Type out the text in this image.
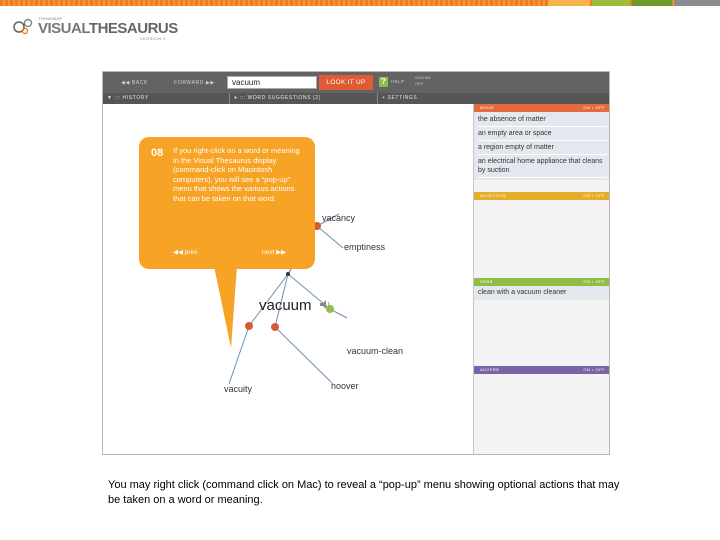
THINKMAP
VISUALTHESAURUS
VERSION 3
◀◀ BACK	FORWARD ▶▶	vacuum	LOOK IT UP	?	HELP
SOUND
OFF
▼ ::: HISTORY	● ::: WORD SUGGESTIONS (2)	+ SETTINGS
vacancy
emptiness
vacuum
vacuum-clean
hoover
vacuity
NOUN	ON • OFF
the absence of matter
an empty area or space
a region empty of matter
an electrical home appliance that cleans by suction
ADJECTIVE	ON • OFF
VERB	ON • OFF
clean with a vacuum cleaner
ADVERB	ON • OFF
08 If you right-click on a word or meaning in the Visual Thesaurus display (command-click on Macintosh computers), you will see a “pop-up” menu that shows the various actions that can be taken on that word.
◀◀ prev	next ▶▶
You may right click (command click on Mac) to reveal a “pop-up” menu showing optional actions that may be taken on a word or meaning.
